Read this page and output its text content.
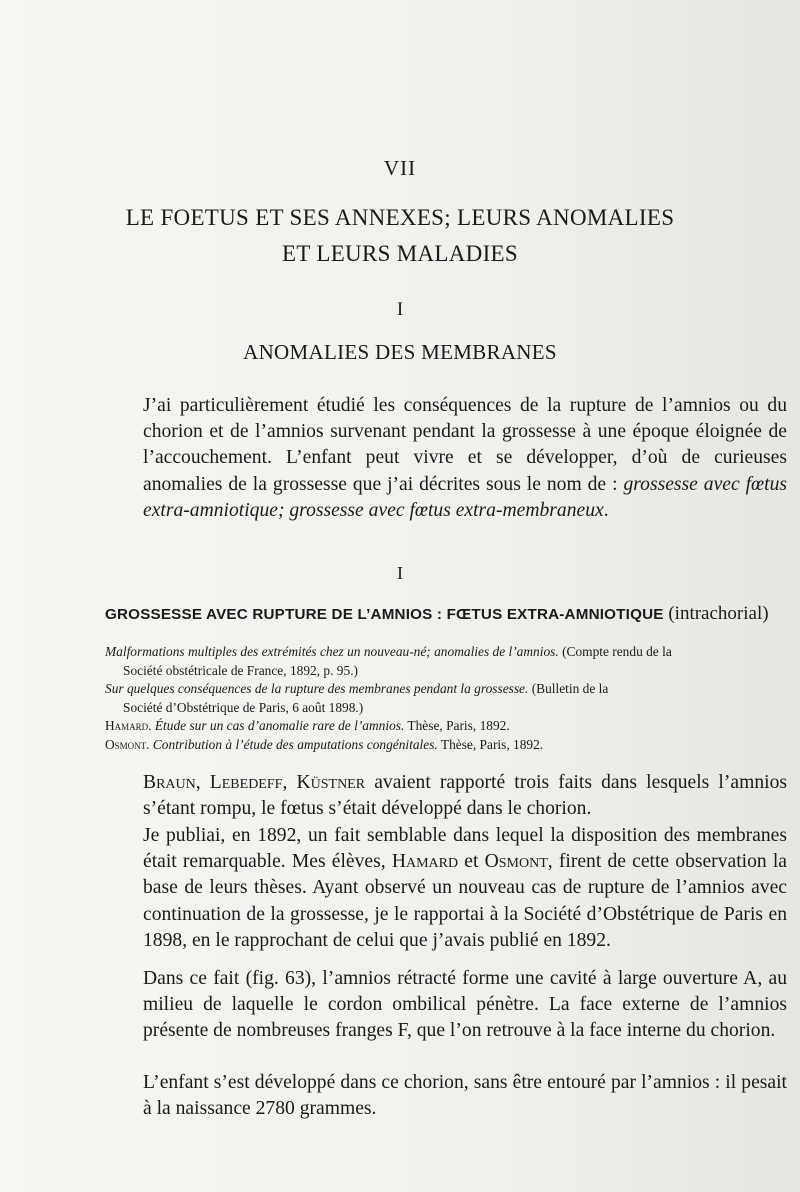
VII
LE FOETUS ET SES ANNEXES; LEURS ANOMALIES
ET LEURS MALADIES
I
ANOMALIES DES MEMBRANES

J’ai particulièrement étudié les conséquences de la rupture de l’amnios ou du chorion et de l’amnios survenant pendant la grossesse à une époque éloignée de l’accouchement. L’enfant peut vivre et se développer, d’où de curieuses anomalies de la grossesse que j’ai décrites sous le nom de : grossesse avec fœtus extra-amniotique; grossesse avec fœtus extra-membraneux.

I
GROSSESSE AVEC RUPTURE DE L’AMNIOS : FŒTUS EXTRA-AMNIOTIQUE (intrachorial)

Malformations multiples des extrémités chez un nouveau-né; anomalies de l’amnios. (Compte rendu de la
Société obstétricale de France, 1892, p. 95.)

Sur quelques conséquences de la rupture des membranes pendant la grossesse. (Bulletin de la
Société d’Obstétrique de Paris, 6 août 1898.)

Hamard. Étude sur un cas d’anomalie rare de l’amnios. Thèse, Paris, 1892.

Osmont. Contribution à l’étude des amputations congénitales. Thèse, Paris, 1892.

Braun, Lebedeff, Küstner avaient rapporté trois faits dans lesquels l’amnios s’étant rompu, le fœtus s’était développé dans le chorion.

Je publiai, en 1892, un fait semblable dans lequel la disposition des membranes était remarquable. Mes élèves, Hamard et Osmont, firent de cette observation la base de leurs thèses. Ayant observé un nouveau cas de rupture de l’amnios avec continuation de la grossesse, je le rapportai à la Société d’Obstétrique de Paris en 1898, en le rapprochant de celui que j’avais publié en 1892.

Dans ce fait (fig. 63), l’amnios rétracté forme une cavité à large ouverture A, au milieu de laquelle le cordon ombilical pénètre. La face externe de l’amnios présente de nombreuses franges F, que l’on retrouve à la face interne du chorion.

L’enfant s’est développé dans ce chorion, sans être entouré par l’amnios : il pesait à la naissance 2780 grammes.
